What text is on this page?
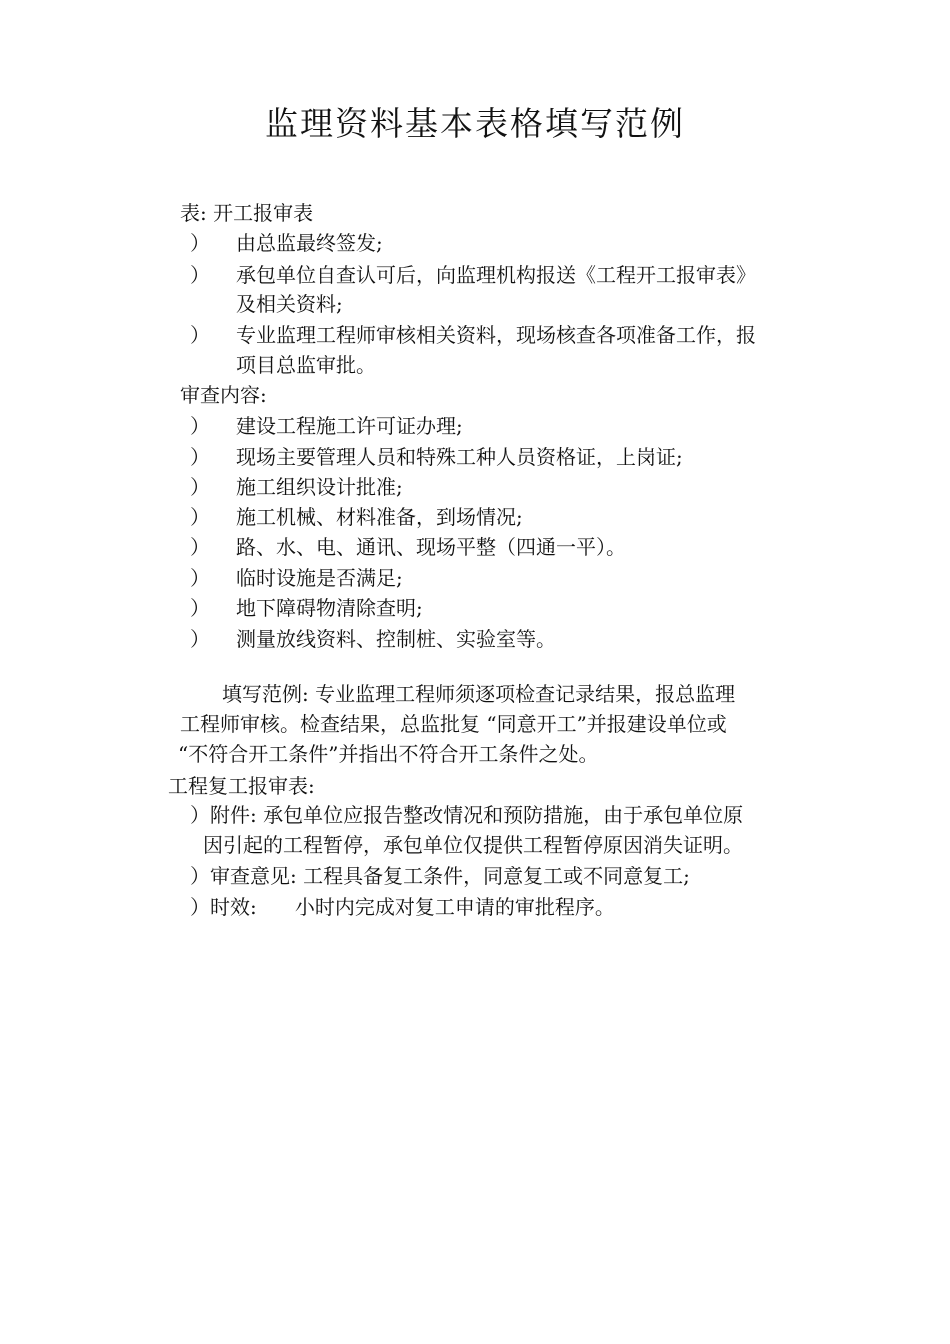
监理资料基本表格填写范例
表: 开工报审表
） 由总监最终签发;
） 承包单位自查认可后，向监理机构报送《工程开工报审表》
及相关资料;
） 专业监理工程师审核相关资料，现场核查各项准备工作，报
项目总监审批。
审查内容:
） 建设工程施工许可证办理;
） 现场主要管理人员和特殊工种人员资格证，上岗证;
） 施工组织设计批准;
） 施工机械、材料准备，到场情况;
） 路、水、电、通讯、现场平整（四通一平）。
） 临时设施是否满足;
） 地下障碍物清除查明;
） 测量放线资料、控制桩、实验室等。
填写范例: 专业监理工程师须逐项检查记录结果，报总监理
工程师审核。检查结果，总监批复 “同意开工”并报建设单位或
“不符合开工条件”并指出不符合开工条件之处。
工程复工报审表:
）附件: 承包单位应报告整改情况和预防措施，由于承包单位原
因引起的工程暂停，承包单位仅提供工程暂停原因消失证明。
）审查意见: 工程具备复工条件，同意复工或不同意复工;
）时效:      小时内完成对复工申请的审批程序。
